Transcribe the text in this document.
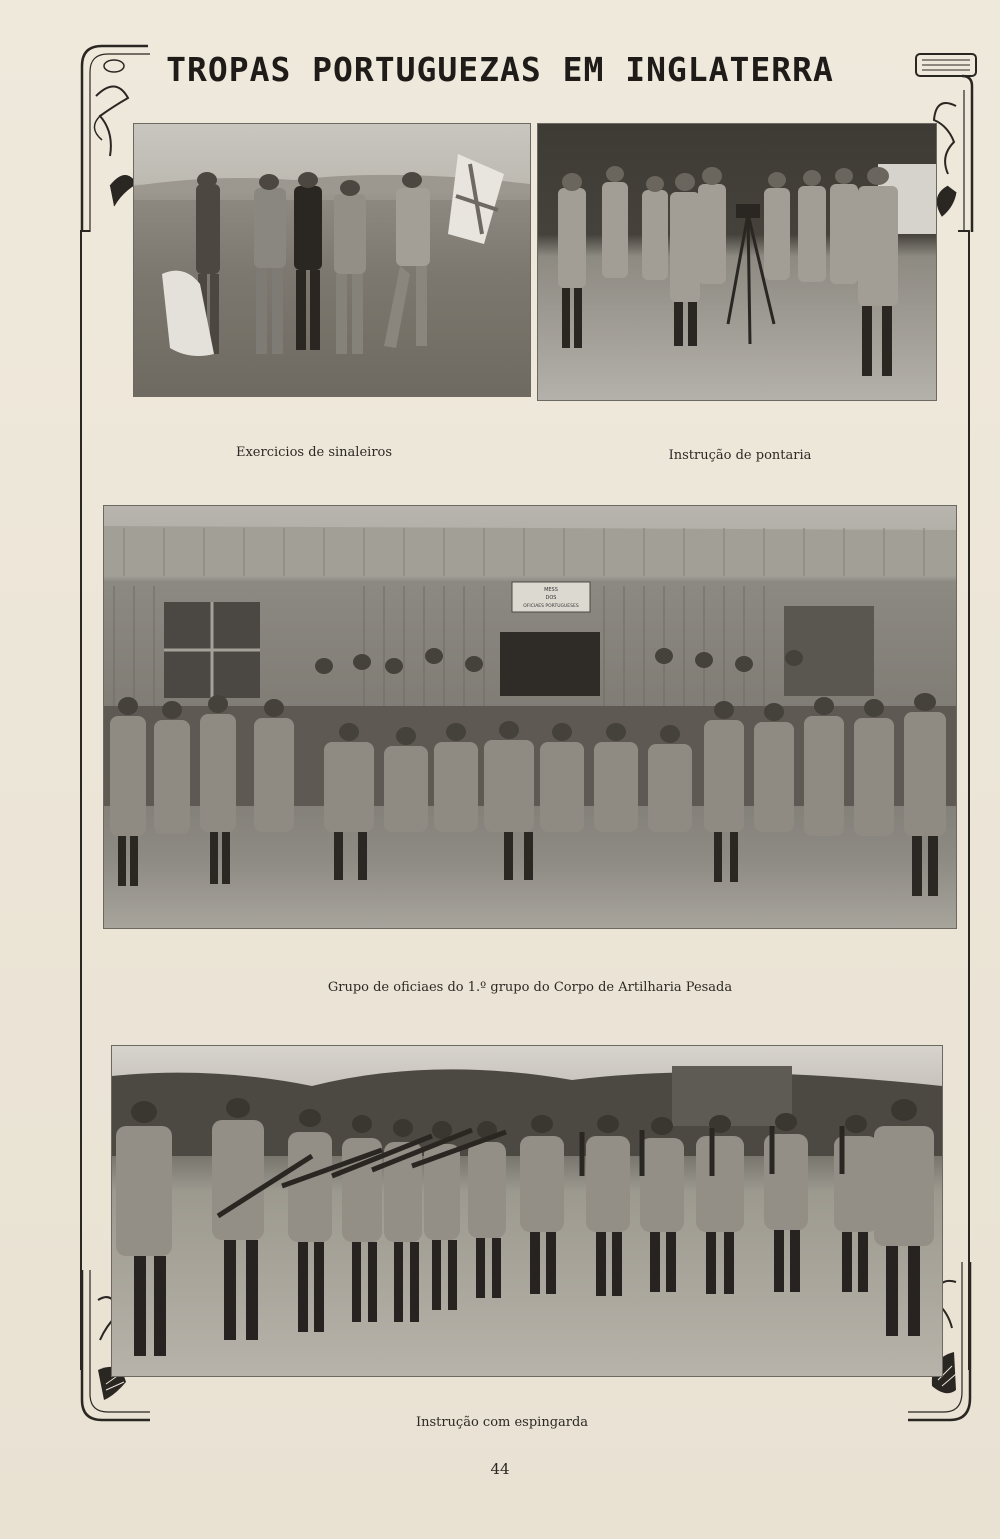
TROPAS PORTUGUEZAS EM INGLATERRA
Exercicios de sinaleiros	Instrução de pontaria
MESS
DOS
OFICIAES PORTUGUESES
Grupo de oficiaes do 1.º grupo do Corpo de Artilharia Pesada
Instrução com espingarda
44
